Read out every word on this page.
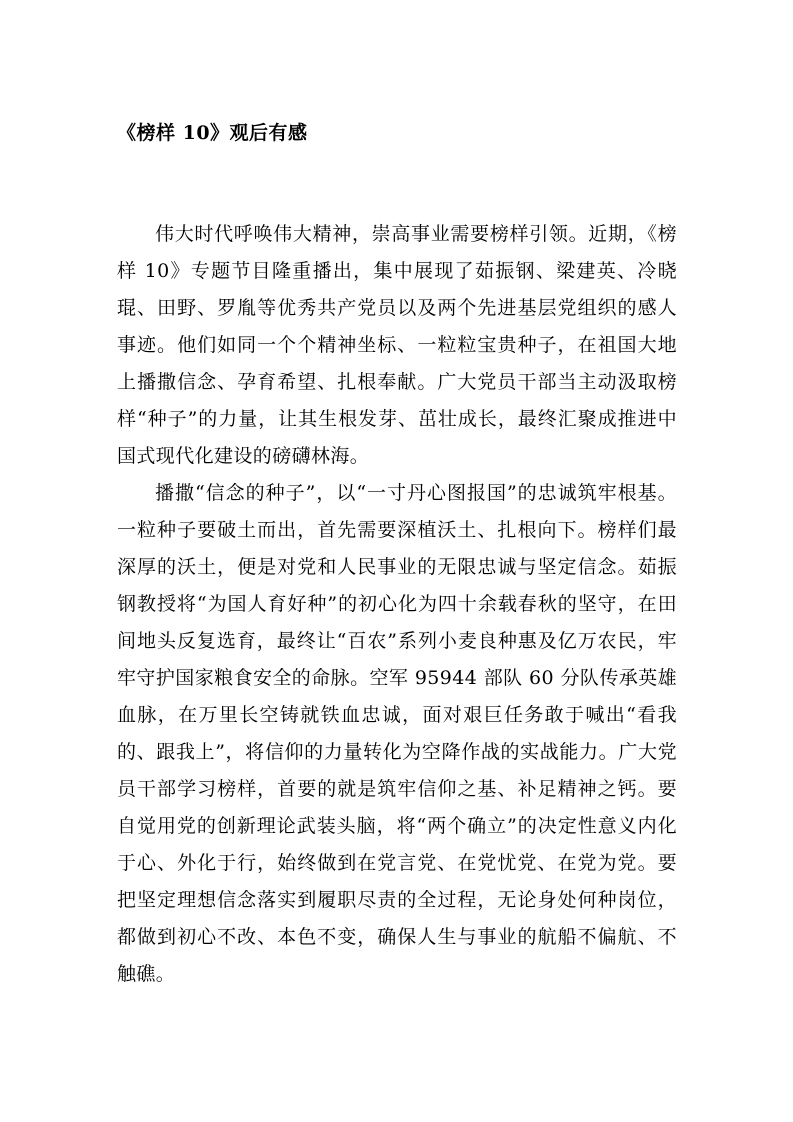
《榜样 10》观后有感

伟大时代呼唤伟大精神，崇高事业需要榜样引领。近期，《榜样 10》专题节目隆重播出，集中展现了茹振钢、梁建英、冷晓琨、田野、罗胤等优秀共产党员以及两个先进基层党组织的感人事迹。他们如同一个个精神坐标、一粒粒宝贵种子，在祖国大地上播撒信念、孕育希望、扎根奉献。广大党员干部当主动汲取榜样“种子”的力量，让其生根发芽、茁壮成长，最终汇聚成推进中国式现代化建设的磅礴林海。

播撒“信念的种子”，以“一寸丹心图报国”的忠诚筑牢根基。一粒种子要破土而出，首先需要深植沃土、扎根向下。榜样们最深厚的沃土，便是对党和人民事业的无限忠诚与坚定信念。茹振钢教授将“为国人育好种”的初心化为四十余载春秋的坚守，在田间地头反复选育，最终让“百农”系列小麦良种惠及亿万农民，牢牢守护国家粮食安全的命脉。空军 95944 部队 60 分队传承英雄血脉，在万里长空铸就铁血忠诚，面对艰巨任务敢于喊出“看我的、跟我上”，将信仰的力量转化为空降作战的实战能力。广大党员干部学习榜样，首要的就是筑牢信仰之基、补足精神之钙。要自觉用党的创新理论武装头脑，将“两个确立”的决定性意义内化于心、外化于行，始终做到在党言党、在党忧党、在党为党。要把坚定理想信念落实到履职尽责的全过程，无论身处何种岗位，都做到初心不改、本色不变，确保人生与事业的航船不偏航、不触礁。
